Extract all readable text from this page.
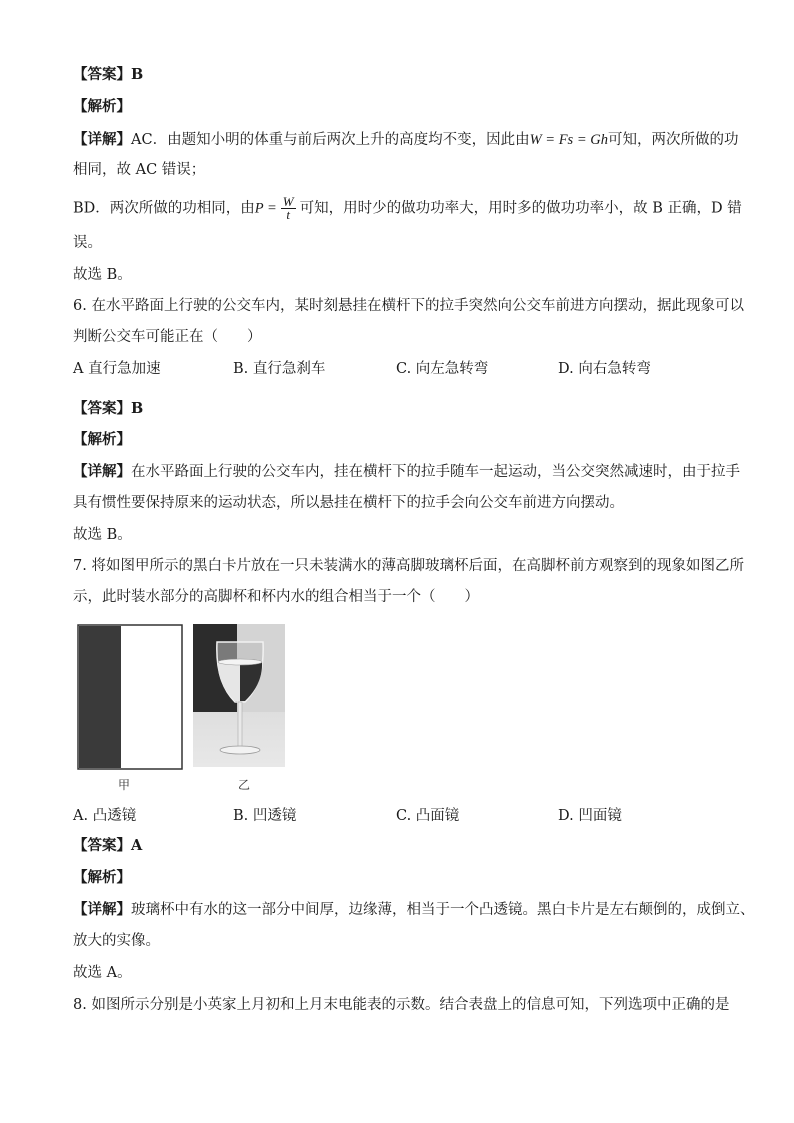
【答案】B
【解析】
【详解】AC．由题知小明的体重与前后两次上升的高度均不变，因此由W = Fs = Gh可知，两次所做的功
相同，故 AC 错误；
BD．两次所做的功相同，由$P = \frac{W}{t}$ 可知，用时少的做功功率大，用时多的做功功率小，故 B 正确，D 错
误。
故选 B。
6. 在水平路面上行驶的公交车内，某时刻悬挂在横杆下的拉手突然向公交车前进方向摆动，据此现象可以
判断公交车可能正在（　　）
A 直行急加速	B. 直行急刹车	C. 向左急转弯	D. 向右急转弯
【答案】B
【解析】
【详解】在水平路面上行驶的公交车内，挂在横杆下的拉手随车一起运动，当公交突然减速时，由于拉手
具有惯性要保持原来的运动状态，所以悬挂在横杆下的拉手会向公交车前进方向摆动。
故选 B。
7. 将如图甲所示的黑白卡片放在一只未装满水的薄高脚玻璃杯后面，在高脚杯前方观察到的现象如图乙所
示，此时装水部分的高脚杯和杯内水的组合相当于一个（　　）
甲	乙
A. 凸透镜	B. 凹透镜	C. 凸面镜	D. 凹面镜
【答案】A
【解析】
【详解】玻璃杯中有水的这一部分中间厚，边缘薄，相当于一个凸透镜。黑白卡片是左右颠倒的，成倒立、
放大的实像。
故选 A。
8. 如图所示分别是小英家上月初和上月末电能表的示数。结合表盘上的信息可知，下列选项中正确的是
